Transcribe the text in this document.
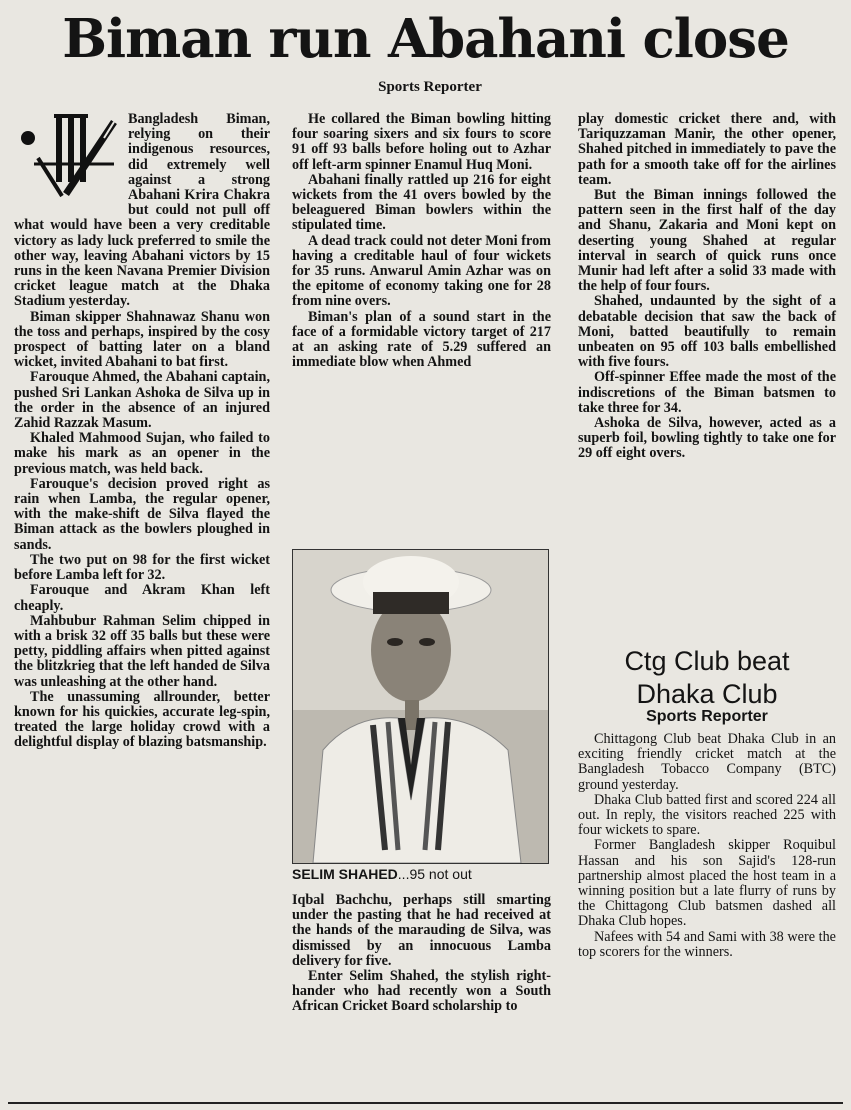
Biman run Abahani close
Sports Reporter

Bangladesh Biman, relying on their indigenous resources, did extremely well against a strong Abahani Krira Chakra but could not pull off what would have been a very creditable victory as lady luck preferred to smile the other way, leaving Abahani victors by 15 runs in the keen Navana Premier Division cricket league match at the Dhaka Stadium yesterday.

Biman skipper Shahnawaz Shanu won the toss and perhaps, inspired by the cosy prospect of batting later on a bland wicket, invited Abahani to bat first.

Farouque Ahmed, the Abahani captain, pushed Sri Lankan Ashoka de Silva up in the order in the absence of an injured Zahid Razzak Masum.

Khaled Mahmood Sujan, who failed to make his mark as an opener in the previous match, was held back.

Farouque's decision proved right as rain when Lamba, the regular opener, with the make-shift de Silva flayed the Biman attack as the bowlers ploughed in sands.

The two put on 98 for the first wicket before Lamba left for 32.

Farouque and Akram Khan left cheaply.

Mahbubur Rahman Selim chipped in with a brisk 32 off 35 balls but these were petty, piddling affairs when pitted against the blitzkrieg that the left handed de Silva was unleashing at the other hand.

The unassuming allrounder, better known for his quickies, accurate leg-spin, treated the large holiday crowd with a delightful display of blazing batsmanship.

He collared the Biman bowling hitting four soaring sixers and six fours to score 91 off 93 balls before holing out to Azhar off left-arm spinner Enamul Huq Moni.

Abahani finally rattled up 216 for eight wickets from the 41 overs bowled by the beleaguered Biman bowlers within the stipulated time.

A dead track could not deter Moni from having a creditable haul of four wickets for 35 runs. Anwarul Amin Azhar was on the epitome of economy taking one for 28 from nine overs.

Biman's plan of a sound start in the face of a formidable victory target of 217 at an asking rate of 5.29 suffered an immediate blow when Ahmed

SELIM SHAHED...95 not out

Iqbal Bachchu, perhaps still smarting under the pasting that he had received at the hands of the marauding de Silva, was dismissed by an innocuous Lamba delivery for five.

Enter Selim Shahed, the stylish right-hander who had recently won a South African Cricket Board scholarship to

play domestic cricket there and, with Tariquzzaman Manir, the other opener, Shahed pitched in immediately to pave the path for a smooth take off for the airlines team.

But the Biman innings followed the pattern seen in the first half of the day and Shanu, Zakaria and Moni kept on deserting young Shahed at regular interval in search of quick runs once Munir had left after a solid 33 made with the help of four fours.

Shahed, undaunted by the sight of a debatable decision that saw the back of Moni, batted beautifully to remain unbeaten on 95 off 103 balls embellished with five fours.

Off-spinner Effee made the most of the indiscretions of the Biman batsmen to take three for 34.

Ashoka de Silva, however, acted as a superb foil, bowling tightly to take one for 29 off eight overs.

Ctg Club beat
Dhaka Club
Sports Reporter

Chittagong Club beat Dhaka Club in an exciting friendly cricket match at the Bangladesh Tobacco Company (BTC) ground yesterday.

Dhaka Club batted first and scored 224 all out. In reply, the visitors reached 225 with four wickets to spare.

Former Bangladesh skipper Roquibul Hassan and his son Sajid's 128-run partnership almost placed the host team in a winning position but a late flurry of runs by the Chittagong Club batsmen dashed all Dhaka Club hopes.

Nafees with 54 and Sami with 38 were the top scorers for the winners.
